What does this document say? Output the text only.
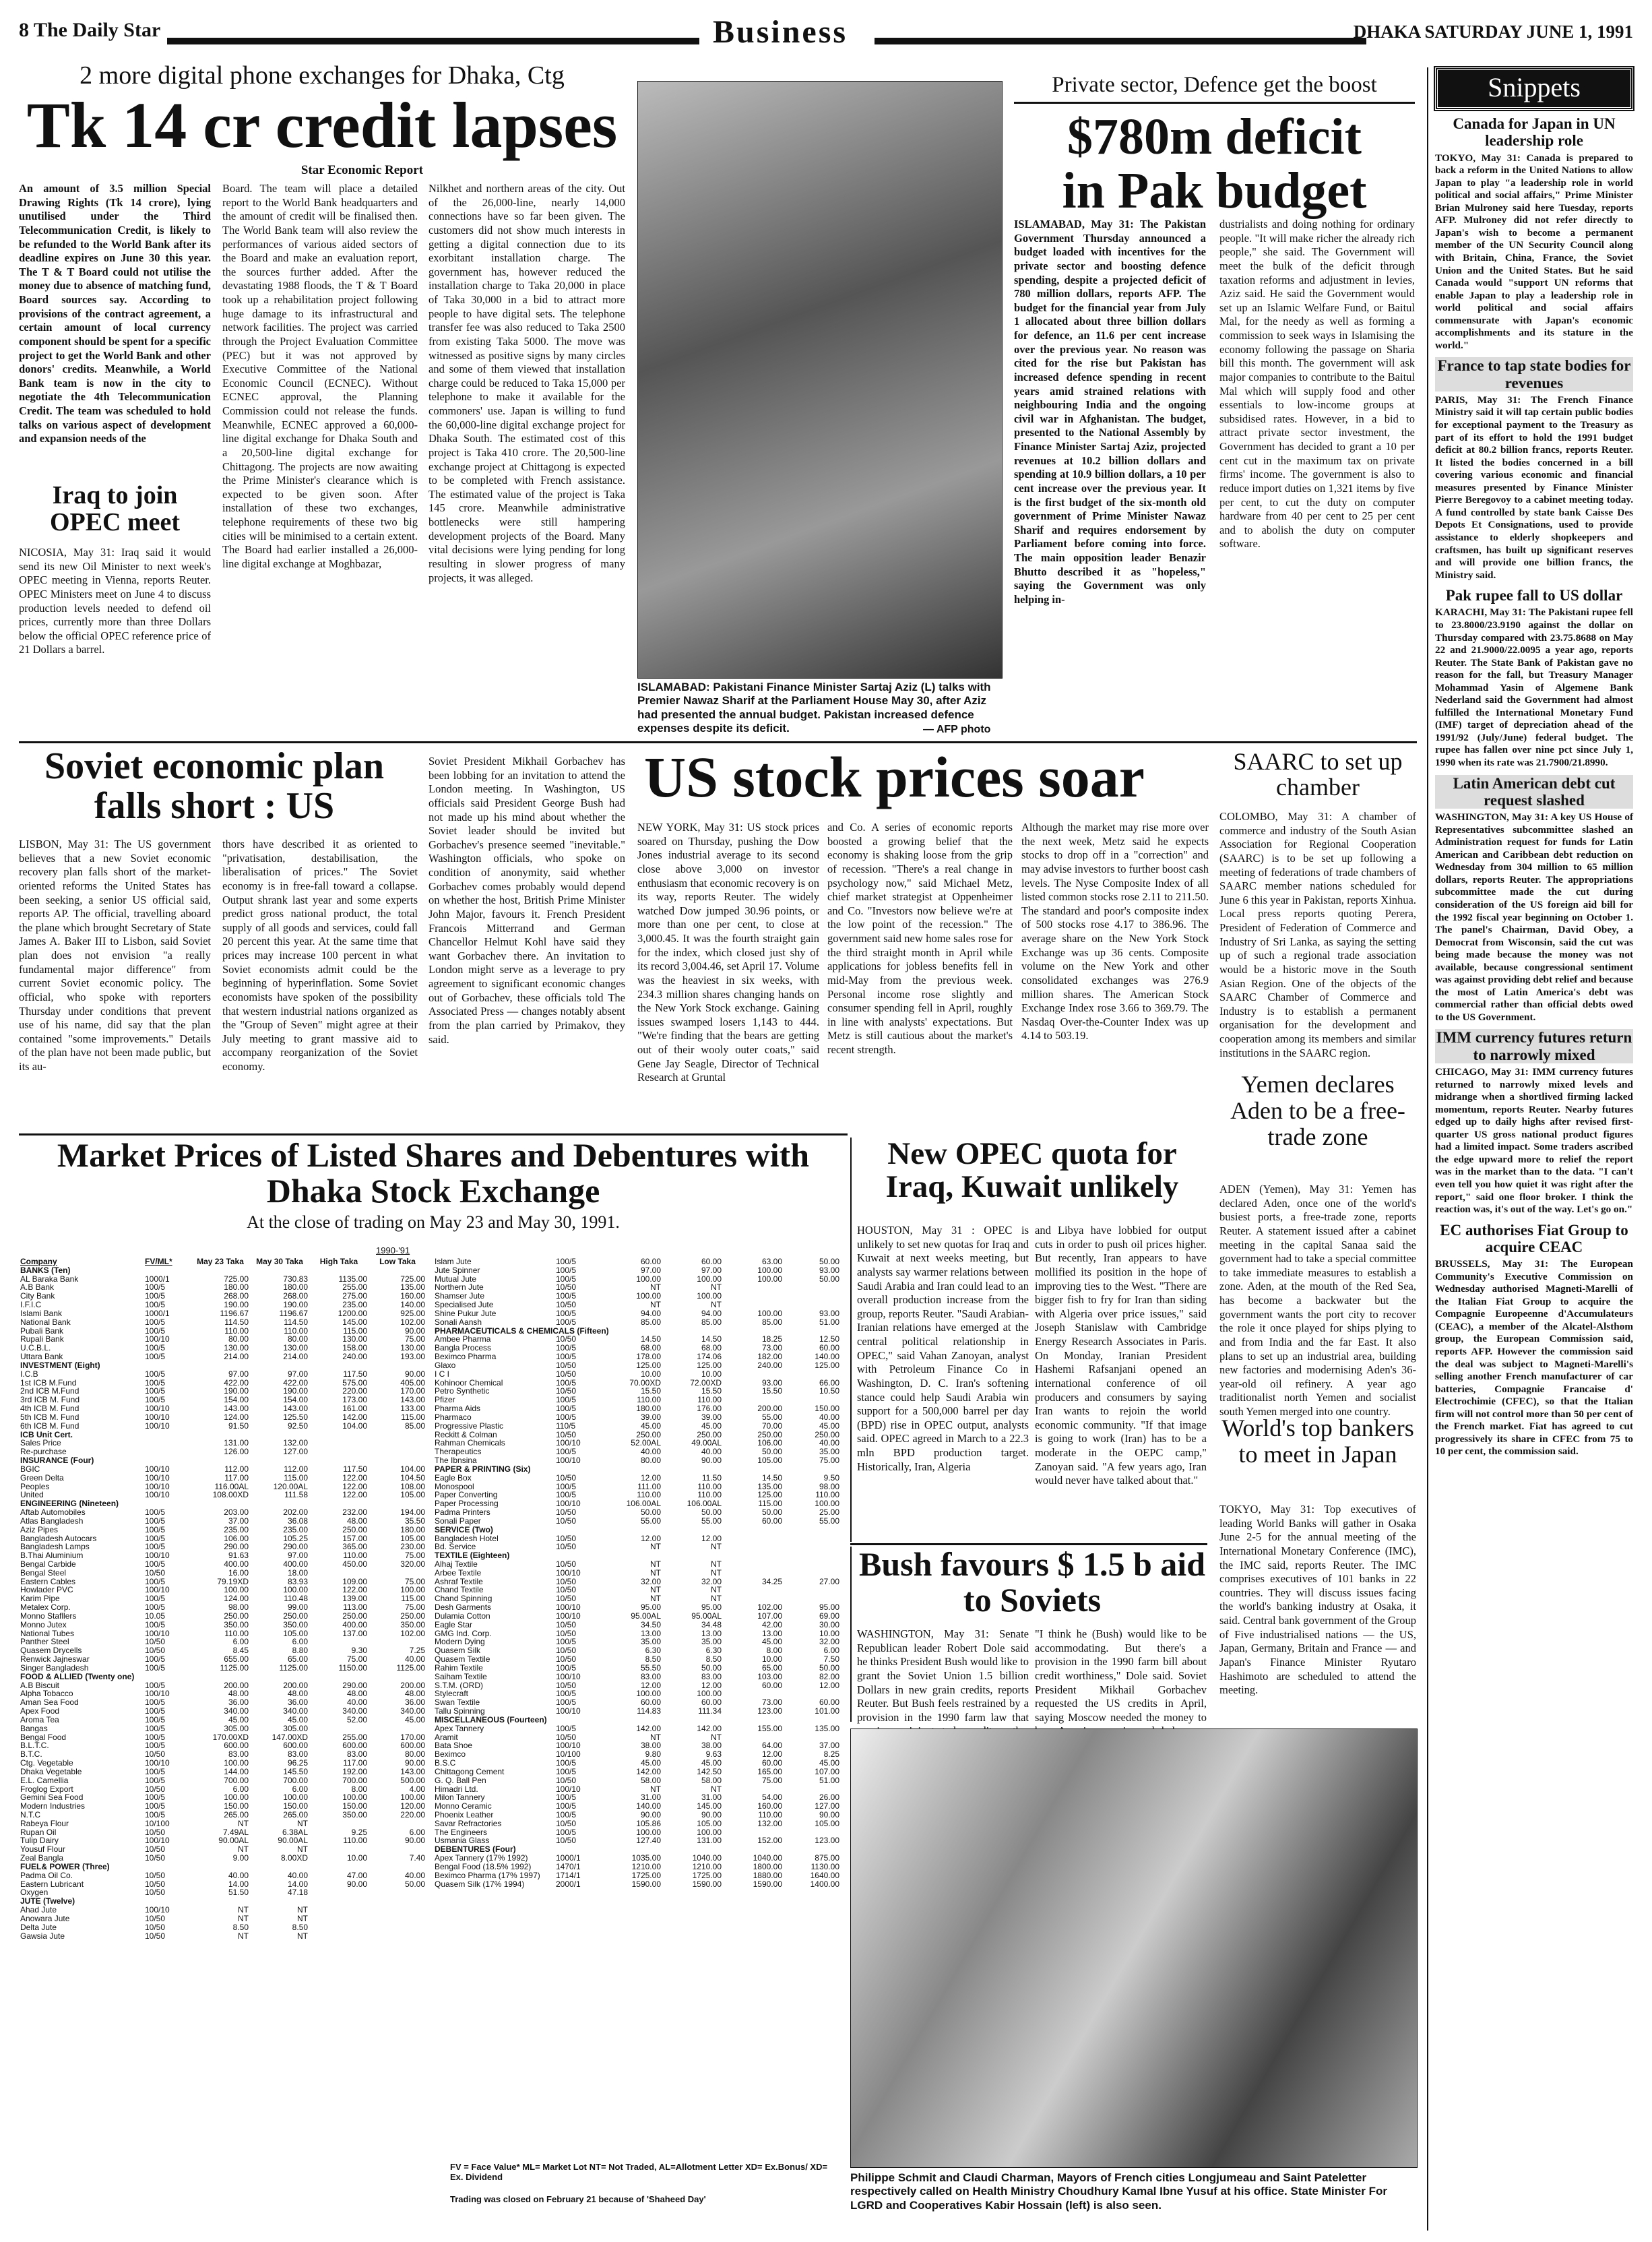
8 The Daily Star	Business	DHAKA SATURDAY JUNE 1, 1991
2 more digital phone exchanges for Dhaka, Ctg
Tk 14 cr credit lapses
Star Economic Report
An amount of 3.5 million Special Drawing Rights (Tk 14 crore), lying unutilised under the Third Telecommunication Credit, is likely to be refunded to the World Bank after its deadline expires on June 30 this year. The T & T Board could not utilise the money due to absence of matching fund, Board sources say. According to provisions of the contract agreement, a certain amount of local currency component should be spent for a specific project to get the World Bank and other donors' credits. Meanwhile, a World Bank team is now in the city to negotiate the 4th Telecommunication Credit. The team was scheduled to hold talks on various aspect of development and expansion needs of the
Board. The team will place a detailed report to the World Bank headquarters and the amount of credit will be finalised then. The World Bank team will also review the performances of various aided sectors of the Board and make an evaluation report, the sources further added. After the devastating 1988 floods, the T & T Board took up a rehabilitation project following huge damage to its infrastructural and network facilities. The project was carried through the Project Evaluation Committee (PEC) but it was not approved by Executive Committee of the National Economic Council (ECNEC). Without ECNEC approval, the Planning Commission could not release the funds. Meanwhile, ECNEC approved a 60,000-line digital exchange for Dhaka South and a 20,500-line digital exchange for Chittagong. The projects are now awaiting the Prime Minister's clearance which is expected to be given soon. After installation of these two exchanges, telephone requirements of these two big cities will be minimised to a certain extent. The Board had earlier installed a 26,000-line digital exchange at Moghbazar,
Nilkhet and northern areas of the city. Out of the 26,000-line, nearly 14,000 connections have so far been given. The customers did not show much interests in getting a digital connection due to its exorbitant installation charge. The government has, however reduced the installation charge to Taka 20,000 in place of Taka 30,000 in a bid to attract more people to have digital sets. The telephone transfer fee was also reduced to Taka 2500 from existing Taka 5000. The move was witnessed as positive signs by many circles and some of them viewed that installation charge could be reduced to Taka 15,000 per telephone to make it available for the commoners' use. Japan is willing to fund the 60,000-line digital exchange project for Dhaka South. The estimated cost of this project is Taka 410 crore. The 20,500-line exchange project at Chittagong is expected to be completed with French assistance. The estimated value of the project is Taka 145 crore. Meanwhile administrative bottlenecks were still hampering development projects of the Board. Many vital decisions were lying pending for long resulting in slower progress of many projects, it was alleged.
Iraq to join OPEC meet
NICOSIA, May 31: Iraq said it would send its new Oil Minister to next week's OPEC meeting in Vienna, reports Reuter. OPEC Ministers meet on June 4 to discuss production levels needed to defend oil prices, currently more than three Dollars below the official OPEC reference price of 21 Dollars a barrel.
ISLAMABAD: Pakistani Finance Minister Sartaj Aziz (L) talks with Premier Nawaz Sharif at the Parliament House May 30, after Aziz had presented the annual budget. Pakistan increased defence expenses despite its deficit.	— AFP photo
Private sector, Defence get the boost
$780m deficit in Pak budget
ISLAMABAD, May 31: The Pakistan Government Thursday announced a budget loaded with incentives for the private sector and boosting defence spending, despite a projected deficit of 780 million dollars, reports AFP. The budget for the financial year from July 1 allocated about three billion dollars for defence, an 11.6 per cent increase over the previous year. No reason was cited for the rise but Pakistan has increased defence spending in recent years amid strained relations with neighbouring India and the ongoing civil war in Afghanistan. The budget, presented to the National Assembly by Finance Minister Sartaj Aziz, projected revenues at 10.2 billion dollars and spending at 10.9 billion dollars, a 10 per cent increase over the previous year. It is the first budget of the six-month old government of Prime Minister Nawaz Sharif and requires endorsement by Parliament before coming into force. The main opposition leader Benazir Bhutto described it as "hopeless," saying the Government was only helping in-
dustrialists and doing nothing for ordinary people. "It will make richer the already rich people," she said. The Government will meet the bulk of the deficit through taxation reforms and adjustment in levies, Aziz said. He said the Government would set up an Islamic Welfare Fund, or Baitul Mal, for the needy as well as forming a commission to seek ways in Islamising the economy following the passage on Sharia bill this month. The government will ask major companies to contribute to the Baitul Mal which will supply food and other essentials to low-income groups at subsidised rates. However, in a bid to attract private sector investment, the Government has decided to grant a 10 per cent cut in the maximum tax on private firms' income. The government is also to reduce import duties on 1,321 items by five per cent, to cut the duty on computer hardware from 40 per cent to 25 per cent and to abolish the duty on computer software.
Snippets
Canada for Japan in UN leadership role
TOKYO, May 31: Canada is prepared to back a reform in the United Nations to allow Japan to play "a leadership role in world political and social affairs," Prime Minister Brian Mulroney said here Tuesday, reports AFP. Mulroney did not refer directly to Japan's wish to become a permanent member of the UN Security Council along with Britain, China, France, the Soviet Union and the United States. But he said Canada would "support UN reforms that enable Japan to play a leadership role in world political and social affairs commensurate with Japan's economic accomplishments and its stature in the world."
France to tap state bodies for revenues
PARIS, May 31: The French Finance Ministry said it will tap certain public bodies for exceptional payment to the Treasury as part of its effort to hold the 1991 budget deficit at 80.2 billion francs, reports Reuter. It listed the bodies concerned in a bill covering various economic and financial measures presented by Finance Minister Pierre Beregovoy to a cabinet meeting today. A fund controlled by state bank Caisse Des Depots Et Consignations, used to provide assistance to elderly shopkeepers and craftsmen, has built up significant reserves and will provide one billion francs, the Ministry said.
Pak rupee fall to US dollar
KARACHI, May 31: The Pakistani rupee fell to 23.8000/23.9190 against the dollar on Thursday compared with 23.75.8688 on May 22 and 21.9000/22.0095 a year ago, reports Reuter. The State Bank of Pakistan gave no reason for the fall, but Treasury Manager Mohammad Yasin of Algemene Bank Nederland said the Government had almost fulfilled the International Monetary Fund (IMF) target of depreciation ahead of the 1991/92 (July/June) federal budget. The rupee has fallen over nine pct since July 1, 1990 when its rate was 21.7900/21.8990.
Latin American debt cut request slashed
WASHINGTON, May 31: A key US House of Representatives subcommittee slashed an Administration request for funds for Latin American and Caribbean debt reduction on Wednesday from 304 million to 65 million dollars, reports Reuter. The appropriations subcommittee made the cut during consideration of the US foreign aid bill for the 1992 fiscal year beginning on October 1. The panel's Chairman, David Obey, a Democrat from Wisconsin, said the cut was being made because the money was not available, because congressional sentiment was against providing debt relief and because the most of Latin America's debt was commercial rather than official debts owed to the US Government.
IMM currency futures return to narrowly mixed
CHICAGO, May 31: IMM currency futures returned to narrowly mixed levels and midrange when a shortlived firming lacked momentum, reports Reuter. Nearby futures edged up to daily highs after revised first-quarter US gross national product figures had a limited impact. Some traders ascribed the edge upward more to relief the report was in the market than to the data. "I can't even tell you how quiet it was right after the report," said one floor broker. I think the reaction was, it's out of the way. Let's go on."
EC authorises Fiat Group to acquire CEAC
BRUSSELS, May 31: The European Community's Executive Commission on Wednesday authorised Magneti-Marelli of the Italian Fiat Group to acquire the Compagnie Europeenne d'Accumulateurs (CEAC), a member of the Alcatel-Alsthom group, the European Commission said, reports AFP. However the commission said the deal was subject to Magneti-Marelli's selling another French manufacturer of car batteries, Compagnie Francaise d' Electrochimie (CFEC), so that the Italian firm will not control more than 50 per cent of the French market. Fiat has agreed to cut progressively its share in CFEC from 75 to 10 per cent, the commission said.
Soviet economic plan falls short : US
LISBON, May 31: The US government believes that a new Soviet economic recovery plan falls short of the market-oriented reforms the United States has been seeking, a senior US official said, reports AP. The official, travelling aboard the plane which brought Secretary of State James A. Baker III to Lisbon, said Soviet plan does not envision "a really fundamental major difference" from current Soviet economic policy. The official, who spoke with reporters Thursday under conditions that prevent use of his name, did say that the plan contained "some improvements." Details of the plan have not been made public, but its au-
thors have described it as oriented to "privatisation, destabilisation, the liberalisation of prices." The Soviet economy is in free-fall toward a collapse. Output shrank last year and some experts predict gross national product, the total supply of all goods and services, could fall 20 percent this year. At the same time that prices may increase 100 percent in what Soviet economists admit could be the beginning of hyperinflation. Some Soviet economists have spoken of the possibility that western industrial nations organized as the "Group of Seven" might agree at their July meeting to grant massive aid to accompany reorganization of the Soviet economy.
Soviet President Mikhail Gorbachev has been lobbing for an invitation to attend the London meeting. In Washington, US officials said President George Bush had not made up his mind about whether the Soviet leader should be invited but Gorbachev's presence seemed "inevitable." Washington officials, who spoke on condition of anonymity, said whether Gorbachev comes probably would depend on whether the host, British Prime Minister John Major, favours it. French President Francois Mitterrand and German Chancellor Helmut Kohl have said they want Gorbachev there. An invitation to London might serve as a leverage to pry agreement to significant economic changes out of Gorbachev, these officials told The Associated Press — changes notably absent from the plan carried by Primakov, they said.
US stock prices soar
NEW YORK, May 31: US stock prices soared on Thursday, pushing the Dow Jones industrial average to its second close above 3,000 on investor enthusiasm that economic recovery is on its way, reports Reuter. The widely watched Dow jumped 30.96 points, or more than one per cent, to close at 3,000.45. It was the fourth straight gain for the index, which closed just shy of its record 3,004.46, set April 17. Volume was the heaviest in six weeks, with 234.3 million shares changing hands on the New York Stock exchange. Gaining issues swamped losers 1,143 to 444. "We're finding that the bears are getting out of their wooly outer coats," said Gene Jay Seagle, Director of Technical Research at Gruntal
and Co. A series of economic reports boosted a growing belief that the economy is shaking loose from the grip of recession. "There's a real change in psychology now," said Michael Metz, chief market strategist at Oppenheimer and Co. "Investors now believe we're at the low point of the recession." The government said new home sales rose for the third straight month in April while applications for jobless benefits fell in mid-May from the previous week. Personal income rose slightly and consumer spending fell in April, roughly in line with analysts' expectations. But Metz is still cautious about the market's recent strength.
Although the market may rise more over the next week, Metz said he expects stocks to drop off in a "correction" and may advise investors to further boost cash levels. The Nyse Composite Index of all listed common stocks rose 2.11 to 211.50. The standard and poor's composite index of 500 stocks rose 4.17 to 386.96. The average share on the New York Stock Exchange was up 36 cents. Composite volume on the New York and other consolidated exchanges was 276.9 million shares. The American Stock Exchange Index rose 3.66 to 369.79. The Nasdaq Over-the-Counter Index was up 4.14 to 503.19.
SAARC to set up chamber
COLOMBO, May 31: A chamber of commerce and industry of the South Asian Association for Regional Cooperation (SAARC) is to be set up following a meeting of federations of trade chambers of SAARC member nations scheduled for June 6 this year in Pakistan, reports Xinhua. Local press reports quoting Perera, President of Federation of Commerce and Industry of Sri Lanka, as saying the setting up of such a regional trade association would be a historic move in the South Asian Region. One of the objects of the SAARC Chamber of Commerce and Industry is to establish a permanent organisation for the development and cooperation among its members and similar institutions in the SAARC region.
Market Prices of Listed Shares and Debentures with Dhaka Stock Exchange
At the close of trading on May 23 and May 30, 1991.
1990-'91
Company	FV/ML*	May 23 Taka	May 30 Taka	High Taka	Low Taka
BANKS (Ten)					
AL Baraka Bank	1000/1	725.00	730.83	1135.00	725.00
A.B Bank	100/5	180.00	180.00	255.00	135.00
City Bank	100/5	268.00	268.00	275.00	160.00
I.F.I.C	100/5	190.00	190.00	235.00	140.00
Islami Bank	1000/1	1196.67	1196.67	1200.00	925.00
National Bank	100/5	114.50	114.50	145.00	102.00
Pubali Bank	100/5	110.00	110.00	115.00	90.00
Rupali Bank	100/10	80.00	80.00	130.00	75.00
U.C.B.L.	100/5	130.00	130.00	158.00	130.00
Uttara Bank	100/5	214.00	214.00	240.00	193.00
INVESTMENT (Eight)					
I.C.B	100/5	97.00	97.00	117.50	90.00
1st ICB M.Fund	100/5	422.00	422.00	575.00	405.00
2nd ICB M.Fund	100/5	190.00	190.00	220.00	170.00
3rd ICB M. Fund	100/5	154.00	154.00	173.00	143.00
4th ICB M. Fund	100/10	143.00	143.00	161.00	133.00
5th ICB M. Fund	100/10	124.00	125.50	142.00	115.00
6th ICB M. Fund	100/10	91.50	92.50	104.00	85.00
ICB Unit Cert.					
Sales Price		131.00	132.00		
Re-purchase		126.00	127.00		
INSURANCE (Four)					
BGIC	100/10	112.00	112.00	117.50	104.00
Green Delta	100/10	117.00	115.00	122.00	104.50
Peoples	100/10	116.00AL	120.00AL	122.00	108.00
United	100/10	108.00XD	111.58	122.00	105.00
ENGINEERING (Nineteen)					
Aftab Automobiles	100/5	203.00	202.00	232.00	194.00
Atlas Bangladesh	100/5	37.00	36.08	48.00	35.50
Aziz Pipes	100/5	235.00	235.00	250.00	180.00
Bangladesh Autocars	100/5	106.00	105.25	157.00	105.00
Bangladesh Lamps	100/5	290.00	290.00	365.00	230.00
B.Thai Aluminium	100/10	91.63	97.00	110.00	75.00
Bengal Carbide	100/5	400.00	400.00	450.00	320.00
Bengal Steel	10/50	16.00	18.00		
Eastern Cables	100/5	79.19XD	83.93	109.00	75.00
Howlader PVC	100/10	100.00	100.00	122.00	100.00
Karim Pipe	100/5	124.00	110.48	139.00	115.00
Metalex Corp.	100/5	98.00	99.00	113.00	75.00
Monno Stafllers	10.05	250.00	250.00	250.00	250.00
Monno Jutex	100/5	350.00	350.00	400.00	350.00
National Tubes	100/10	110.00	105.00	137.00	102.00
Panther Steel	10/50	6.00	6.00		
Quasem Drycells	10/50	8.45	8.80	9.30	7.25
Renwick Jajneswar	100/5	655.00	65.00	75.00	40.00
Singer Bangladesh	100/5	1125.00	1125.00	1150.00	1125.00
FOOD & ALLIED (Twenty one)					
A.B Biscuit	100/5	200.00	200.00	290.00	200.00
Alpha Tobacco	100/10	48.00	48.00	48.00	48.00
Aman Sea Food	100/5	36.00	36.00	40.00	36.00
Apex Food	100/5	340.00	340.00	340.00	340.00
Aroma Tea	100/5	45.00	45.00	52.00	45.00
Bangas	100/5	305.00	305.00		
Bengal Food	100/5	170.00XD	147.00XD	255.00	170.00
B.L.T.C.	100/5	600.00	600.00	600.00	600.00
B.T.C.	10/50	83.00	83.00	83.00	80.00
Ctg. Vegetable	100/10	100.00	96.25	117.00	90.00
Dhaka Vegetable	100/5	144.00	145.50	192.00	143.00
E.L. Camellia	100/5	700.00	700.00	700.00	500.00
Froglog Export	10/50	6.00	6.00	8.00	4.00
Gemini Sea Food	100/5	100.00	100.00	100.00	100.00
Modern Industries	100/5	150.00	150.00	150.00	120.00
N.T.C	100/5	265.00	265.00	350.00	220.00
Rabeya Flour	10/100	NT	NT		
Rupan Oil	10/50	7.49AL	6.38AL	9.25	6.00
Tulip Dairy	100/10	90.00AL	90.00AL	110.00	90.00
Yousuf Flour	10/50	NT	NT		
Zeal Bangla	10/50	9.00	8.00XD	10.00	7.40
FUEL& POWER (Three)					
Padma Oil Co.	10/50	40.00	40.00	47.00	40.00
Eastern Lubricant	10/50	14.00	14.00	90.00	50.00
Oxygen	10/50	51.50	47.18		
JUTE (Twelve)					
Ahad Jute	100/10	NT	NT		
Anowara Jute	10/50	NT	NT		
Delta Jute	10/50	8.50	8.50		
Gawsia Jute	10/50	NT	NT		
Islam Jute	100/5	60.00	60.00	63.00	50.00
Jute Spinner	100/5	97.00	97.00	100.00	93.00
Mutual Jute	100/5	100.00	100.00	100.00	50.00
Northern Jute	10/50	NT	NT		
Shamser Jute	100/5	100.00	100.00		
Specialised Jute	10/50	NT	NT		
Shine Pukur Jute	100/5	94.00	94.00	100.00	93.00
Sonali Aansh	100/5	85.00	85.00	85.00	51.00
PHARMACEUTICALS & CHEMICALS (Fifteen)					
Ambee Pharma	10/50	14.50	14.50	18.25	12.50
Bangla Process	100/5	68.00	68.00	73.00	60.00
Beximco Pharma	100/5	178.00	174.06	182.00	140.00
Glaxo	10/50	125.00	125.00	240.00	125.00
I C I	10/50	10.00	10.00		
Kohinoor Chemical	100/5	70.00XD	72.00XD	93.00	66.00
Petro Synthetic	10/50	15.50	15.50	15.50	10.50
Pfizer	100/5	110.00	110.00		
Pharma Aids	100/5	180.00	176.00	200.00	150.00
Pharmaco	100/5	39.00	39.00	55.00	40.00
Progressive Plastic	110/5	45.00	45.00	70.00	45.00
Reckitt & Colman	10/50	250.00	250.00	250.00	250.00
Rahman Chemicals	100/10	52.00AL	49.00AL	106.00	40.00
Therapeutics	100/5	40.00	40.00	50.00	35.00
The Ibnsina	100/10	80.00	90.00	105.00	75.00
PAPER & PRINTING (Six)					
Eagle Box	10/50	12.00	11.50	14.50	9.50
Monospool	100/5	111.00	110.00	135.00	98.00
Paper Converting	100/5	110.00	110.00	125.00	110.00
Paper Processing	100/10	106.00AL	106.00AL	115.00	100.00
Padma Printers	10/50	50.00	50.00	50.00	25.00
Sonali Paper	10/50	55.00	55.00	60.00	55.00
SERVICE (Two)					
Bangladesh Hotel	10/50	12.00	12.00		
Bd. Service	10/50	NT	NT		
TEXTILE (Eighteen)					
Alhaj Textile	10/50	NT	NT		
Arbee Textile	100/10	NT	NT		
Ashraf Textile	10/50	32.00	32.00	34.25	27.00
Chand Textile	10/50	NT	NT		
Chand Spinning	10/50	NT	NT		
Desh Garments	100/10	95.00	95.00	102.00	95.00
Dulamia Cotton	100/10	95.00AL	95.00AL	107.00	69.00
Eagle Star	10/50	34.50	34.48	42.00	30.00
GMG Ind. Corp.	10/50	13.00	13.00	13.00	10.00
Modern Dying	100/5	35.00	35.00	45.00	32.00
Quasem Silk	10/50	6.30	6.30	8.00	6.00
Quasem Textile	10/50	8.50	8.50	10.00	7.50
Rahim Textile	100/5	55.50	50.00	65.00	50.00
Saiham Textile	100/10	83.00	83.00	103.00	82.00
S.T.M. (ORD)	10/50	12.00	12.00	60.00	12.00
Stylecraft	100/5	100.00	100.00		
Swan Textile	100/5	60.00	60.00	73.00	60.00
Tallu Spinning	100/10	114.83	111.34	123.00	101.00
MISCELLANEOUS (Fourteen)					
Apex Tannery	100/5	142.00	142.00	155.00	135.00
Aramit	10/50	NT	NT		
Bata Shoe	100/10	38.00	38.00	64.00	37.00
Beximco	10/100	9.80	9.63	12.00	8.25
B.S.C	100/5	45.00	45.00	60.00	45.00
Chittagong Cement	100/5	142.00	142.50	165.00	107.00
G. Q. Ball Pen	10/50	58.00	58.00	75.00	51.00
Himadri Ltd.	100/10	NT	NT		
Milon Tannery	100/5	31.00	31.00	54.00	26.00
Monno Ceramic	100/5	140.00	145.00	160.00	127.00
Phoenix Leather	100/5	90.00	90.00	110.00	90.00
Savar Refractories	10/50	105.86	105.00	132.00	105.00
The Engineers	100/5	100.00	100.00		
Usmania Glass	10/50	127.40	131.00	152.00	123.00
DEBENTURES (Four)					
Apex Tannery (17% 1992)	1000/1	1035.00	1040.00	1040.00	875.00
Bengal Food (18.5% 1992)	1470/1	1210.00	1210.00	1800.00	1130.00
Beximco Pharma (17% 1997)	1714/1	1725.00	1725.00	1880.00	1640.00
Quasem Silk (17% 1994)	2000/1	1590.00	1590.00	1590.00	1400.00
FV = Face Value* ML= Market Lot NT= Not Traded, AL=Allotment Letter XD= Ex.Bonus/ XD= Ex. Dividend
Trading was closed on February 21 because of 'Shaheed Day'
New OPEC quota for Iraq, Kuwait unlikely
HOUSTON, May 31 : OPEC is unlikely to set new quotas for Iraq and Kuwait at next weeks meeting, but analysts say warmer relations between Saudi Arabia and Iran could lead to an overall production increase from the group, reports Reuter. "Saudi Arabian-Iranian relations have emerged at the central political relationship in OPEC," said Vahan Zanoyan, analyst with Petroleum Finance Co in Washington, D. C. Iran's softening stance could help Saudi Arabia win support for a 500,000 barrel per day (BPD) rise in OPEC output, analysts said. OPEC agreed in March to a 22.3 mln BPD production target. Historically, Iran, Algeria
and Libya have lobbied for output cuts in order to push oil prices higher. But recently, Iran appears to have mollified its position in the hope of improving ties to the West. "There are bigger fish to fry for Iran than siding with Algeria over price issues," said Joseph Stanislaw with Cambridge Energy Research Associates in Paris. On Monday, Iranian President Hashemi Rafsanjani opened an international conference of oil producers and consumers by saying Iran wants to rejoin the world economic community. "If that image is going to work (Iran) has to be a moderate in the OEPC camp," Zanoyan said. "A few years ago, Iran would never have talked about that."
Yemen declares Aden to be a free-trade zone
ADEN (Yemen), May 31: Yemen has declared Aden, once one of the world's busiest ports, a free-trade zone, reports Reuter. A statement issued after a cabinet meeting in the capital Sanaa said the government had to take a special committee to take immediate measures to establish a zone. Aden, at the mouth of the Red Sea, has become a backwater but the government wants the port city to recover the role it once played for ships plying to and from India and the far East. It also plans to set up an industrial area, building new factories and modernising Aden's 36-year-old oil refinery. A year ago traditionalist north Yemen and socialist south Yemen merged into one country.
World's top bankers to meet in Japan
TOKYO, May 31: Top executives of leading World Banks will gather in Osaka June 2-5 for the annual meeting of the International Monetary Conference (IMC), the IMC said, reports Reuter. The IMC comprises executives of 101 banks in 22 countries. They will discuss issues facing the world's banking industry at Osaka, it said. Central bank government of the Group of Five industrialised nations — the US, Japan, Germany, Britain and France — and Japan's Finance Minister Ryutaro Hashimoto are scheduled to attend the meeting.
Bush favours $ 1.5 b aid to Soviets
WASHINGTON, May 31: Senate Republican leader Robert Dole said he thinks President Bush would like to grant the Soviet Union 1.5 billion Dollars in new grain credits, reports Reuter. But Bush feels restrained by a provision in the 1990 farm law that
"I think he (Bush) would like to be accommodating. But there's a provision in the 1990 farm bill about credit worthiness," Dole said. Soviet President Mikhail Gorbachev requested the US credits in April, saying Moscow needed the money to
Philippe Schmit and Claudi Charman, Mayors of French cities Longjumeau and Saint Pateletter respectively called on Health Ministry Choudhury Kamal Ibne Yusuf at his office. State Minister For LGRD and Cooperatives Kabir Hossain (left) is also seen.
